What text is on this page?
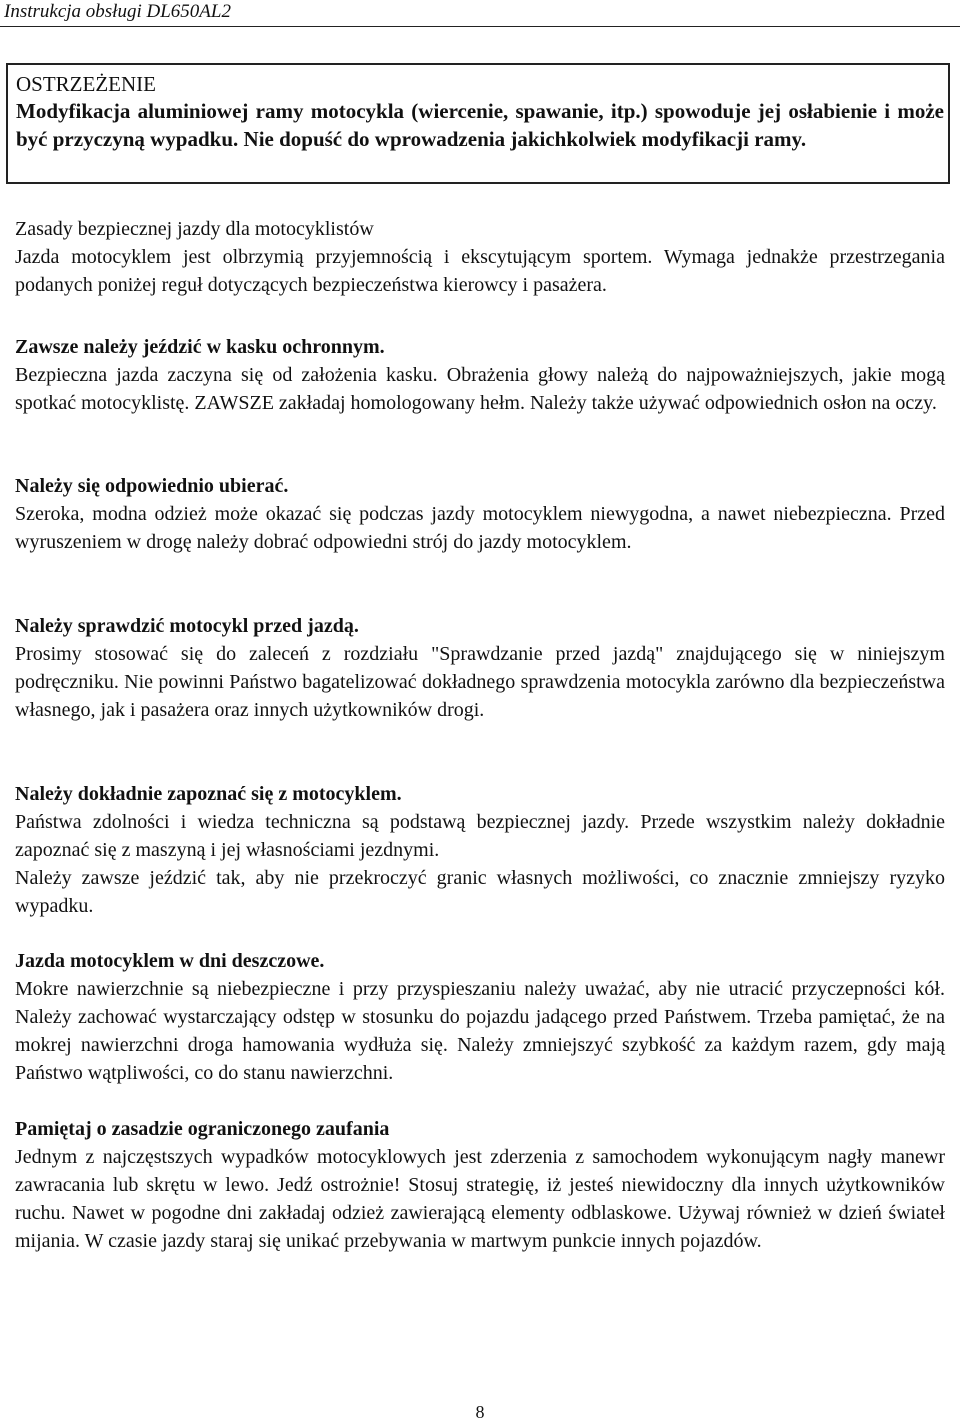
Instrukcja obsługi DL650AL2
OSTRZEŻENIE

Modyfikacja aluminiowej ramy motocykla (wiercenie, spawanie, itp.) spowoduje jej osłabienie i może być przyczyną wypadku. Nie dopuść do wprowadzenia jakichkolwiek modyfikacji ramy.

Zasady bezpiecznej jazdy dla motocyklistów

Jazda motocyklem jest olbrzymią przyjemnością i ekscytującym sportem. Wymaga jednakże przestrzegania podanych poniżej reguł dotyczących bezpieczeństwa kierowcy i pasażera.

Zawsze należy jeździć w kasku ochronnym.

Bezpieczna jazda zaczyna się od założenia kasku. Obrażenia głowy należą do najpoważniejszych, jakie mogą spotkać motocyklistę. ZAWSZE zakładaj homologowany hełm. Należy także używać odpowiednich osłon na oczy.

Należy się odpowiednio ubierać.

Szeroka, modna odzież może okazać się podczas jazdy motocyklem niewygodna, a nawet niebezpieczna. Przed wyruszeniem w drogę należy dobrać odpowiedni strój do jazdy motocyklem.

Należy sprawdzić motocykl przed jazdą.

Prosimy stosować się do zaleceń z rozdziału "Sprawdzanie przed jazdą" znajdującego się w niniejszym podręczniku. Nie powinni Państwo bagatelizować dokładnego sprawdzenia motocykla zarówno dla bezpieczeństwa własnego, jak i pasażera oraz innych użytkowników drogi.

Należy dokładnie zapoznać się z motocyklem.

Państwa zdolności i wiedza techniczna są podstawą bezpiecznej jazdy. Przede wszystkim należy dokładnie zapoznać się z maszyną i jej własnościami jezdnymi.

Należy zawsze jeździć tak, aby nie przekroczyć granic własnych możliwości, co znacznie zmniejszy ryzyko wypadku.

Jazda motocyklem w dni deszczowe.

Mokre nawierzchnie są niebezpieczne i przy przyspieszaniu należy uważać, aby nie utracić przyczepności kół. Należy zachować wystarczający odstęp w stosunku do pojazdu jadącego przed Państwem. Trzeba pamiętać, że na mokrej nawierzchni droga hamowania wydłuża się. Należy zmniejszyć szybkość za każdym razem, gdy mają Państwo wątpliwości, co do stanu nawierzchni.

Pamiętaj o zasadzie ograniczonego zaufania

Jednym z najczęstszych wypadków motocyklowych jest zderzenia z samochodem wykonującym nagły manewr zawracania lub skrętu w lewo. Jedź ostrożnie! Stosuj strategię, iż jesteś niewidoczny dla innych użytkowników ruchu. Nawet w pogodne dni zakładaj odzież zawierającą elementy odblaskowe. Używaj również w dzień świateł mijania. W czasie jazdy staraj się unikać przebywania w martwym punkcie innych pojazdów.

8
